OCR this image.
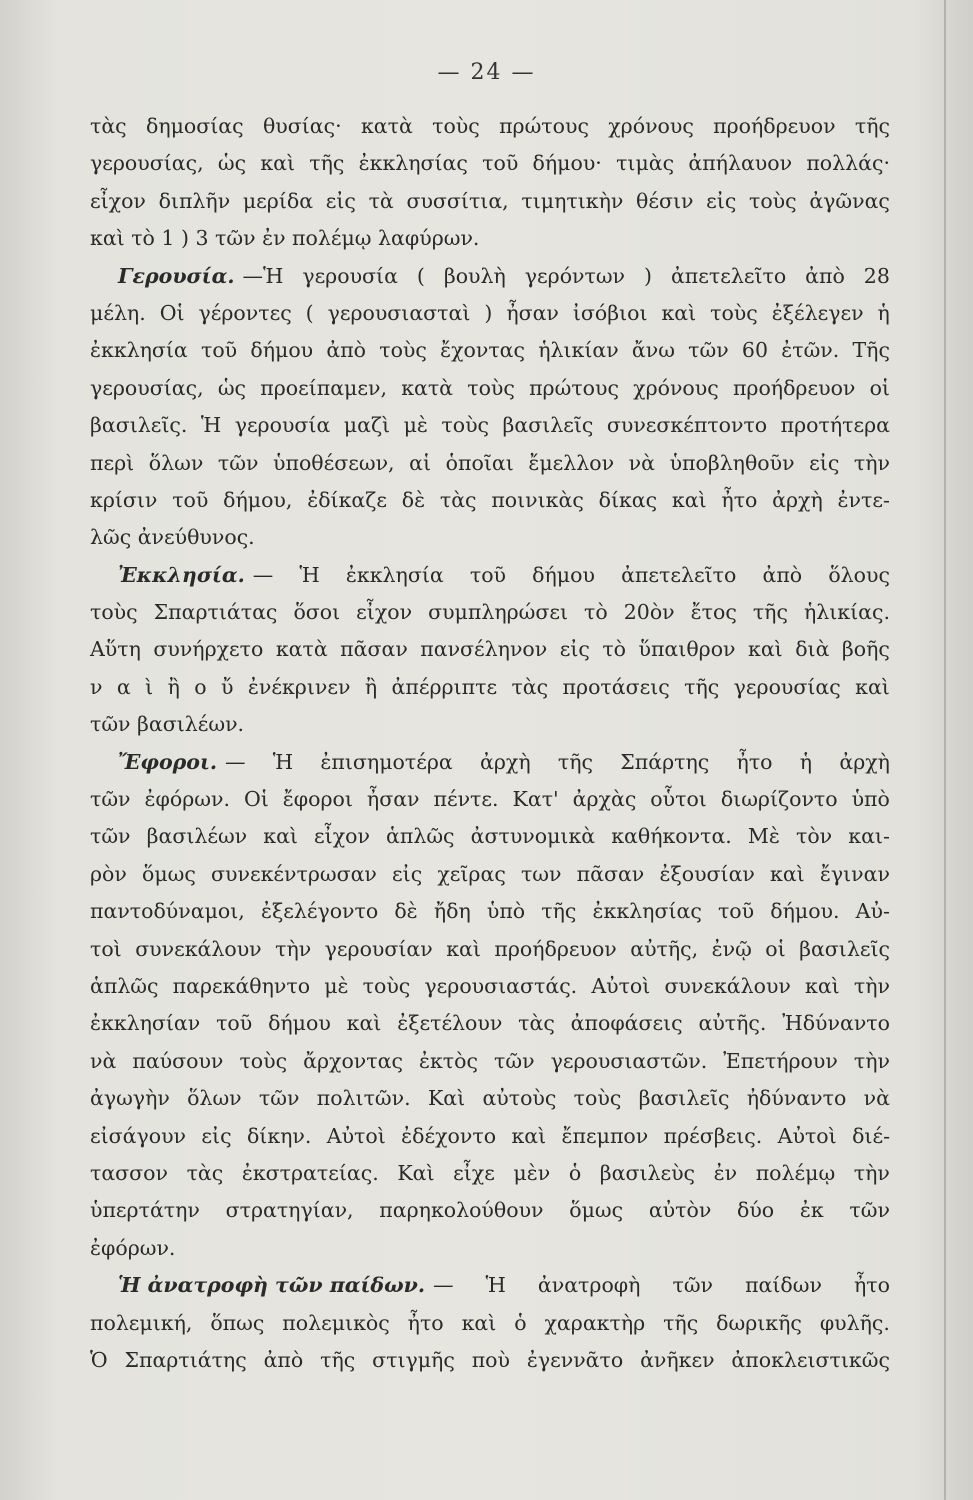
— 24 —
τὰς δημοσίας θυσίας· κατὰ τοὺς πρώτους χρόνους προήδρευον τῆς
γερουσίας, ὡς καὶ τῆς ἐκκλησίας τοῦ δήμου· τιμὰς ἀπήλαυον πολλάς·
εἶχον διπλῆν μερίδα εἰς τὰ συσσίτια, τιμητικὴν θέσιν εἰς τοὺς ἀγῶνας
καὶ τὸ 1 ) 3 τῶν ἐν πολέμῳ λαφύρων.
Γερουσία. —Ἡ γερουσία ( βουλὴ γερόντων ) ἀπετελεῖτο ἀπὸ 28
μέλη. Οἱ γέροντες ( γερουσιασταὶ ) ἦσαν ἰσόβιοι καὶ τοὺς ἐξέλεγεν ἡ
ἐκκλησία τοῦ δήμου ἀπὸ τοὺς ἔχοντας ἡλικίαν ἄνω τῶν 60 ἐτῶν. Τῆς
γερουσίας, ὡς προείπαμεν, κατὰ τοὺς πρώτους χρόνους προήδρευον οἱ
βασιλεῖς. Ἡ γερουσία μαζὶ μὲ τοὺς βασιλεῖς συνεσκέπτοντο προτήτερα
περὶ ὅλων τῶν ὑποθέσεων, αἱ ὁποῖαι ἔμελλον νὰ ὑποβληθοῦν εἰς τὴν
κρίσιν τοῦ δήμου, ἐδίκαζε δὲ τὰς ποινικὰς δίκας καὶ ἦτο ἀρχὴ ἐντε-
λῶς ἀνεύθυνος.
Ἐκκλησία. — Ἡ ἐκκλησία τοῦ δήμου ἀπετελεῖτο ἀπὸ ὅλους
τοὺς Σπαρτιάτας ὅσοι εἶχον συμπληρώσει τὸ 20ὸν ἔτος τῆς ἡλικίας.
Αὕτη συνήρχετο κατὰ πᾶσαν πανσέληνον εἰς τὸ ὕπαιθρον καὶ διὰ βοῆς
ν α ὶ ἢ ο ὔ ἐνέκρινεν ἢ ἀπέρριπτε τὰς προτάσεις τῆς γερουσίας καὶ
τῶν βασιλέων.
Ἔφοροι. — Ἡ ἐπισημοτέρα ἀρχὴ τῆς Σπάρτης ἦτο ἡ ἀρχὴ
τῶν ἐφόρων. Οἱ ἔφοροι ἦσαν πέντε. Κατ' ἀρχὰς οὗτοι διωρίζοντο ὑπὸ
τῶν βασιλέων καὶ εἶχον ἁπλῶς ἀστυνομικὰ καθήκοντα. Μὲ τὸν και-
ρὸν ὅμως συνεκέντρωσαν εἰς χεῖρας των πᾶσαν ἐξουσίαν καὶ ἔγιναν
παντοδύναμοι, ἐξελέγοντο δὲ ἤδη ὑπὸ τῆς ἐκκλησίας τοῦ δήμου. Αὐ-
τοὶ συνεκάλουν τὴν γερουσίαν καὶ προήδρευον αὐτῆς, ἐνῷ οἱ βασιλεῖς
ἁπλῶς παρεκάθηντο μὲ τοὺς γερουσιαστάς. Αὐτοὶ συνεκάλουν καὶ τὴν
ἐκκλησίαν τοῦ δήμου καὶ ἐξετέλουν τὰς ἀποφάσεις αὐτῆς. Ἠδύναντο
νὰ παύσουν τοὺς ἄρχοντας ἐκτὸς τῶν γερουσιαστῶν. Ἐπετήρουν τὴν
ἀγωγὴν ὅλων τῶν πολιτῶν. Καὶ αὐτοὺς τοὺς βασιλεῖς ἠδύναντο νὰ
εἰσάγουν εἰς δίκην. Αὐτοὶ ἐδέχοντο καὶ ἔπεμπον πρέσβεις. Αὐτοὶ διέ-
τασσον τὰς ἐκστρατείας. Καὶ εἶχε μὲν ὁ βασιλεὺς ἐν πολέμῳ τὴν
ὑπερτάτην στρατηγίαν, παρηκολούθουν ὅμως αὐτὸν δύο ἐκ τῶν
ἐφόρων.
Ἡ ἀνατροφὴ τῶν παίδων. — Ἡ ἀνατροφὴ τῶν παίδων ἦτο
πολεμική, ὅπως πολεμικὸς ἦτο καὶ ὁ χαρακτὴρ τῆς δωρικῆς φυλῆς.
Ὁ Σπαρτιάτης ἀπὸ τῆς στιγμῆς ποὺ ἐγεννᾶτο ἀνῆκεν ἀποκλειστικῶς
